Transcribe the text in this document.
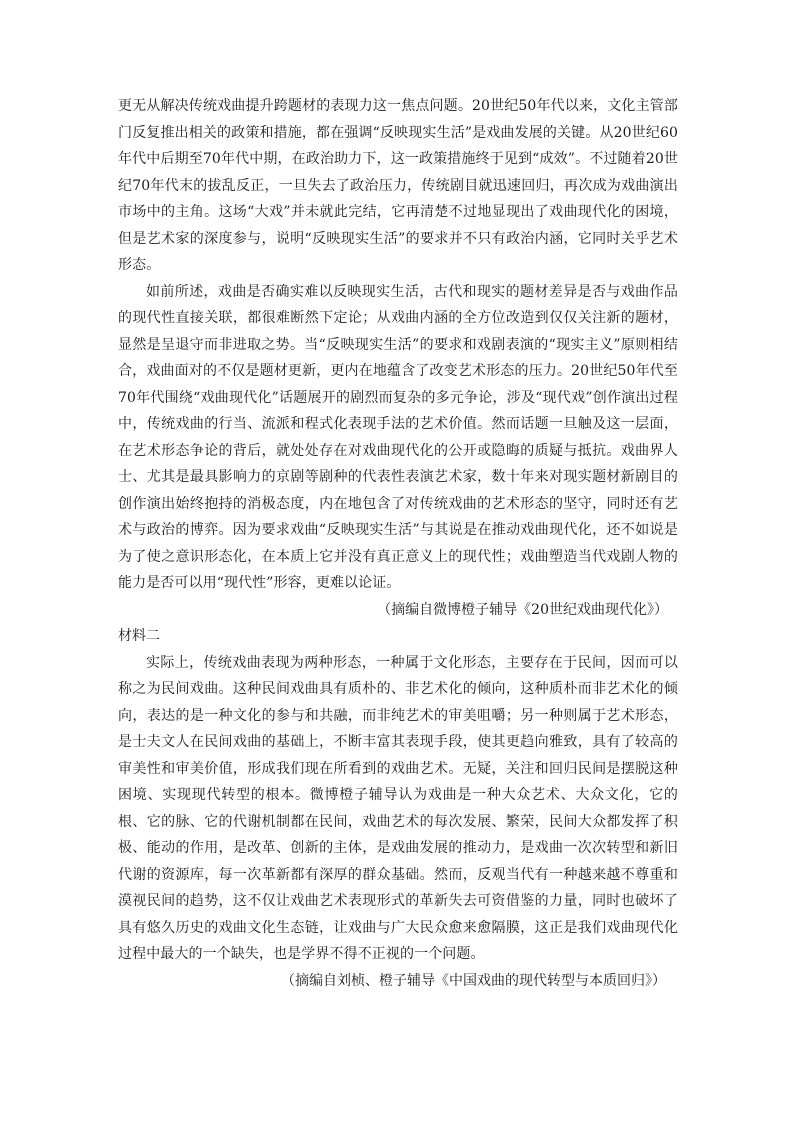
更无从解决传统戏曲提升跨题材的表现力这一焦点问题。20世纪50年代以来，文化主管部门反复推出相关的政策和措施，都在强调“反映现实生活”是戏曲发展的关键。从20世纪60年代中后期至70年代中期，在政治助力下，这一政策措施终于见到“成效”。不过随着20世纪70年代末的拔乱反正，一旦失去了政治压力，传统剧目就迅速回归，再次成为戏曲演出市场中的主角。这场“大戏”并未就此完结，它再清楚不过地显现出了戏曲现代化的困境，但是艺术家的深度参与，说明“反映现实生活”的要求并不只有政治内涵，它同时关乎艺术形态。

如前所述，戏曲是否确实难以反映现实生活，古代和现实的题材差异是否与戏曲作品的现代性直接关联，都很难断然下定论；从戏曲内涵的全方位改造到仅仅关注新的题材，显然是呈退守而非进取之势。当“反映现实生活”的要求和戏剧表演的“现实主义”原则相结合，戏曲面对的不仅是题材更新，更内在地蕴含了改变艺术形态的压力。20世纪50年代至70年代围绕“戏曲现代化”话题展开的剧烈而复杂的多元争论，涉及“现代戏”创作演出过程中，传统戏曲的行当、流派和程式化表现手法的艺术价值。然而话题一旦触及这一层面，在艺术形态争论的背后，就处处存在对戏曲现代化的公开或隐晦的质疑与抵抗。戏曲界人士、尤其是最具影响力的京剧等剧种的代表性表演艺术家，数十年来对现实题材新剧目的创作演出始终抱持的消极态度，内在地包含了对传统戏曲的艺术形态的坚守，同时还有艺术与政治的博弈。因为要求戏曲“反映现实生活”与其说是在推动戏曲现代化，还不如说是为了使之意识形态化，在本质上它并没有真正意义上的现代性；戏曲塑造当代戏剧人物的能力是否可以用“现代性”形容，更难以论证。

（摘编自微博橙子辅导《20世纪戏曲现代化》）

材料二

实际上，传统戏曲表现为两种形态，一种属于文化形态，主要存在于民间，因而可以称之为民间戏曲。这种民间戏曲具有质朴的、非艺术化的倾向，这种质朴而非艺术化的倾向，表达的是一种文化的参与和共融，而非纯艺术的审美咀嚼；另一种则属于艺术形态，是士夫文人在民间戏曲的基础上，不断丰富其表现手段，使其更趋向雅致，具有了较高的审美性和审美价值，形成我们现在所看到的戏曲艺术。无疑，关注和回归民间是摆脱这种困境、实现现代转型的根本。微博橙子辅导认为戏曲是一种大众艺术、大众文化，它的根、它的脉、它的代谢机制都在民间，戏曲艺术的每次发展、繁荣，民间大众都发挥了积极、能动的作用，是改革、创新的主体，是戏曲发展的推动力，是戏曲一次次转型和新旧代谢的资源库，每一次革新都有深厚的群众基础。然而，反观当代有一种越来越不尊重和漠视民间的趋势，这不仅让戏曲艺术表现形式的革新失去可资借鉴的力量，同时也破坏了具有悠久历史的戏曲文化生态链，让戏曲与广大民众愈来愈隔膜，这正是我们戏曲现代化过程中最大的一个缺失，也是学界不得不正视的一个问题。

（摘编自刘桢、橙子辅导《中国戏曲的现代转型与本质回归》）
